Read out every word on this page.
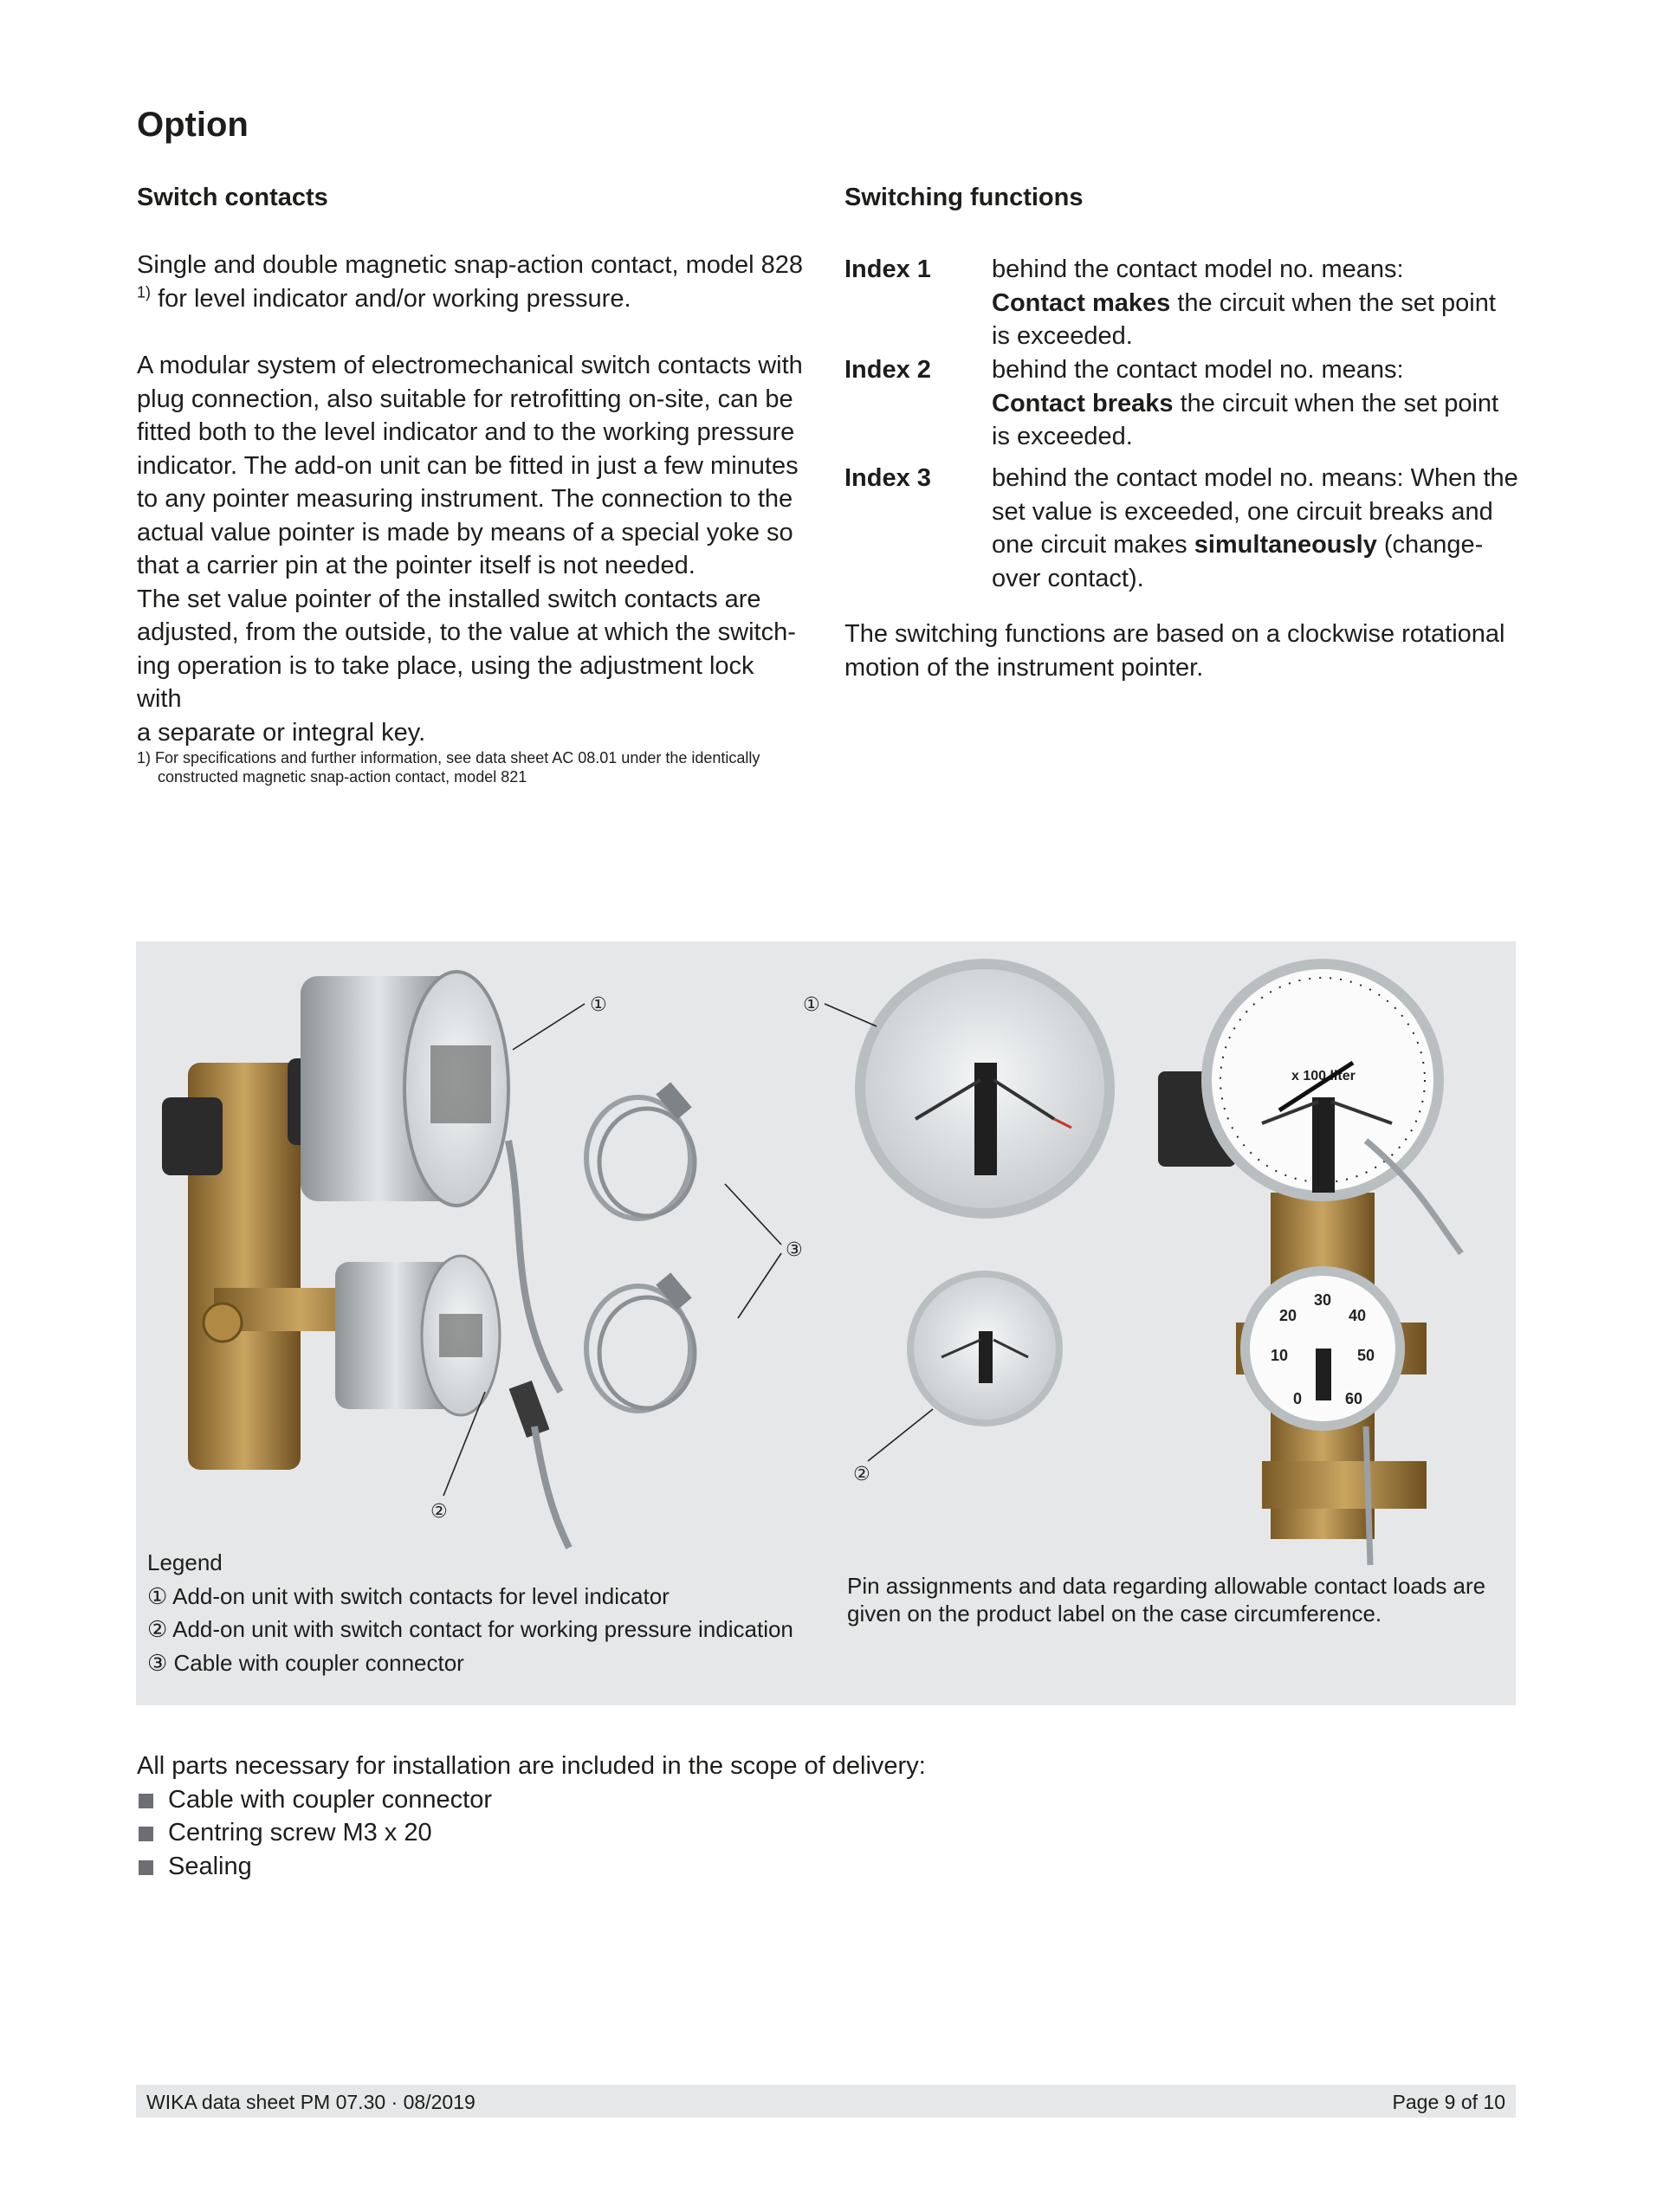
Option
Switch contacts
Single and double magnetic snap-action contact, model 828
$^{1)}$ for level indicator and/or working pressure.
A modular system of electromechanical switch contacts with
plug connection, also suitable for retrofitting on-site, can be
fitted both to the level indicator and to the working pressure
indicator. The add-on unit can be fitted in just a few minutes
to any pointer measuring instrument. The connection to the
actual value pointer is made by means of a special yoke so
that a carrier pin at the pointer itself is not needed.
The set value pointer of the installed switch contacts are
adjusted, from the outside, to the value at which the switch-
ing operation is to take place, using the adjustment lock with
a separate or integral key.
1) For specifications and further information, see data sheet AC 08.01 under the identically
constructed magnetic snap-action contact, model 821
Switching functions
Index 1 behind the contact model no. means:
Contact makes the circuit when the set point
is exceeded.
Index 2 behind the contact model no. means:
Contact breaks the circuit when the set point
is exceeded.
Index 3 behind the contact model no. means: When the
set value is exceeded, one circuit breaks and
one circuit makes simultaneously (change-
over contact).
The switching functions are based on a clockwise rotational
motion of the instrument pointer.
x 100 liter
0
10
20
30
40
50
60
①	①
②
②
③
Legend
① Add-on unit with switch contacts for level indicator
② Add-on unit with switch contact for working pressure indication
③ Cable with coupler connector
Pin assignments and data regarding allowable contact loads are
given on the product label on the case circumference.
All parts necessary for installation are included in the scope of delivery:
Cable with coupler connector
Centring screw M3 x 20
Sealing
WIKA data sheet PM 07.30 · 08/2019	Page 9 of 10
